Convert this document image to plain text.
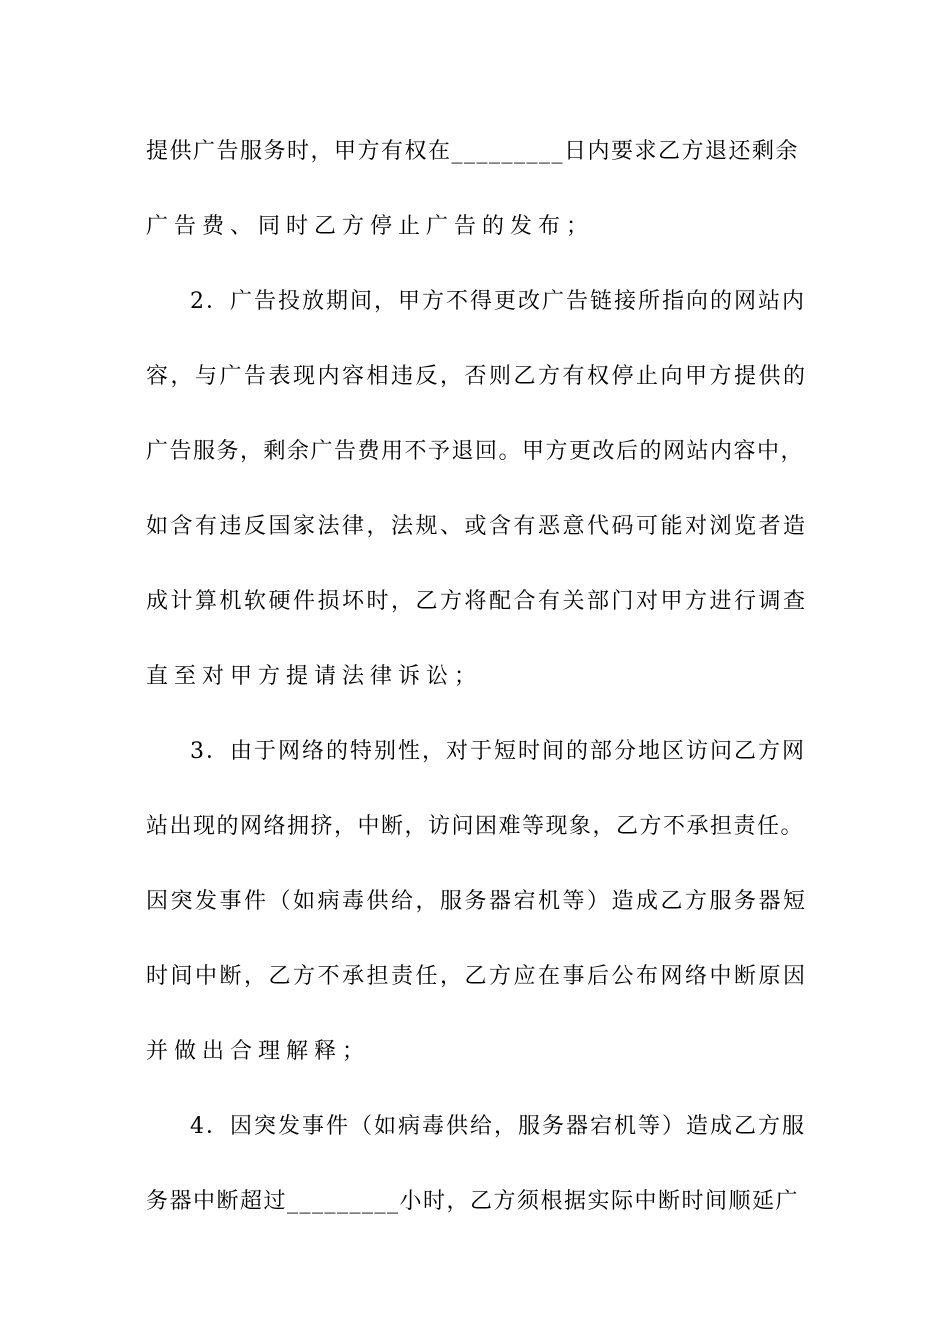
提供广告服务时，甲方有权在_________日内要求乙方退还剩余
广告费、同时乙方停止广告的发布；
2．广告投放期间，甲方不得更改广告链接所指向的网站内
容，与广告表现内容相违反，否则乙方有权停止向甲方提供的
广告服务，剩余广告费用不予退回。甲方更改后的网站内容中，
如含有违反国家法律，法规、或含有恶意代码可能对浏览者造
成计算机软硬件损坏时，乙方将配合有关部门对甲方进行调查
直至对甲方提请法律诉讼；
3．由于网络的特别性，对于短时间的部分地区访问乙方网
站出现的网络拥挤，中断，访问困难等现象，乙方不承担责任。
因突发事件（如病毒供给，服务器宕机等）造成乙方服务器短
时间中断，乙方不承担责任，乙方应在事后公布网络中断原因
并做出合理解释；
4．因突发事件（如病毒供给，服务器宕机等）造成乙方服
务器中断超过_________小时，乙方须根据实际中断时间顺延广
